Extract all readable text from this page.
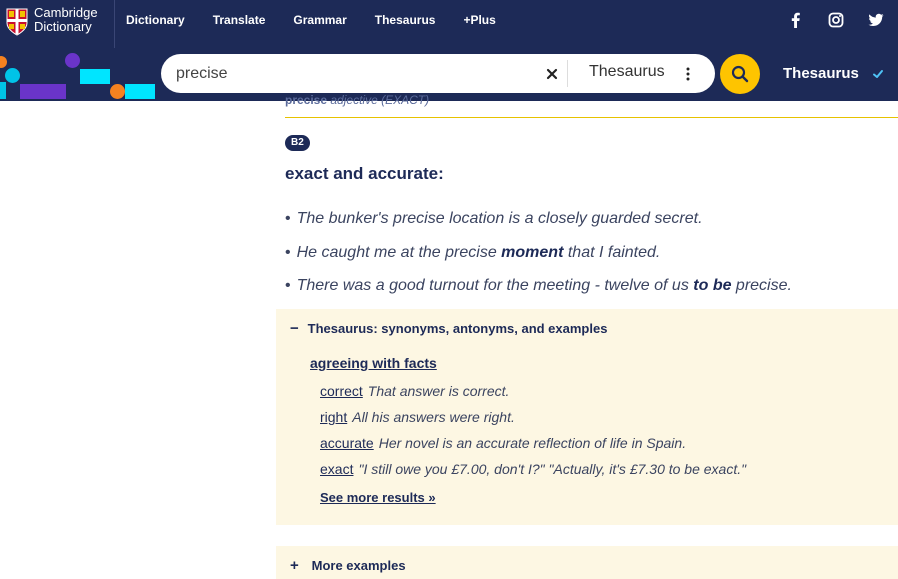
Cambridge
Dictionary	Dictionary Translate Grammar Thesaurus +Plus
precise
Thesaurus	Thesaurus
precise adjective (EXACT)
B2
exact and accurate:
• The bunker's precise location is a closely guarded secret.
• He caught me at the precise moment that I fainted.
• There was a good turnout for the meeting - twelve of us to be precise.
− Thesaurus: synonyms, antonyms, and examples
agreeing with facts
correct That answer is correct.
right All his answers were right.
accurate Her novel is an accurate reflection of life in Spain.
exact "I still owe you £7.00, don't I?" "Actually, it's £7.30 to be exact."
See more results »
+ More examples
